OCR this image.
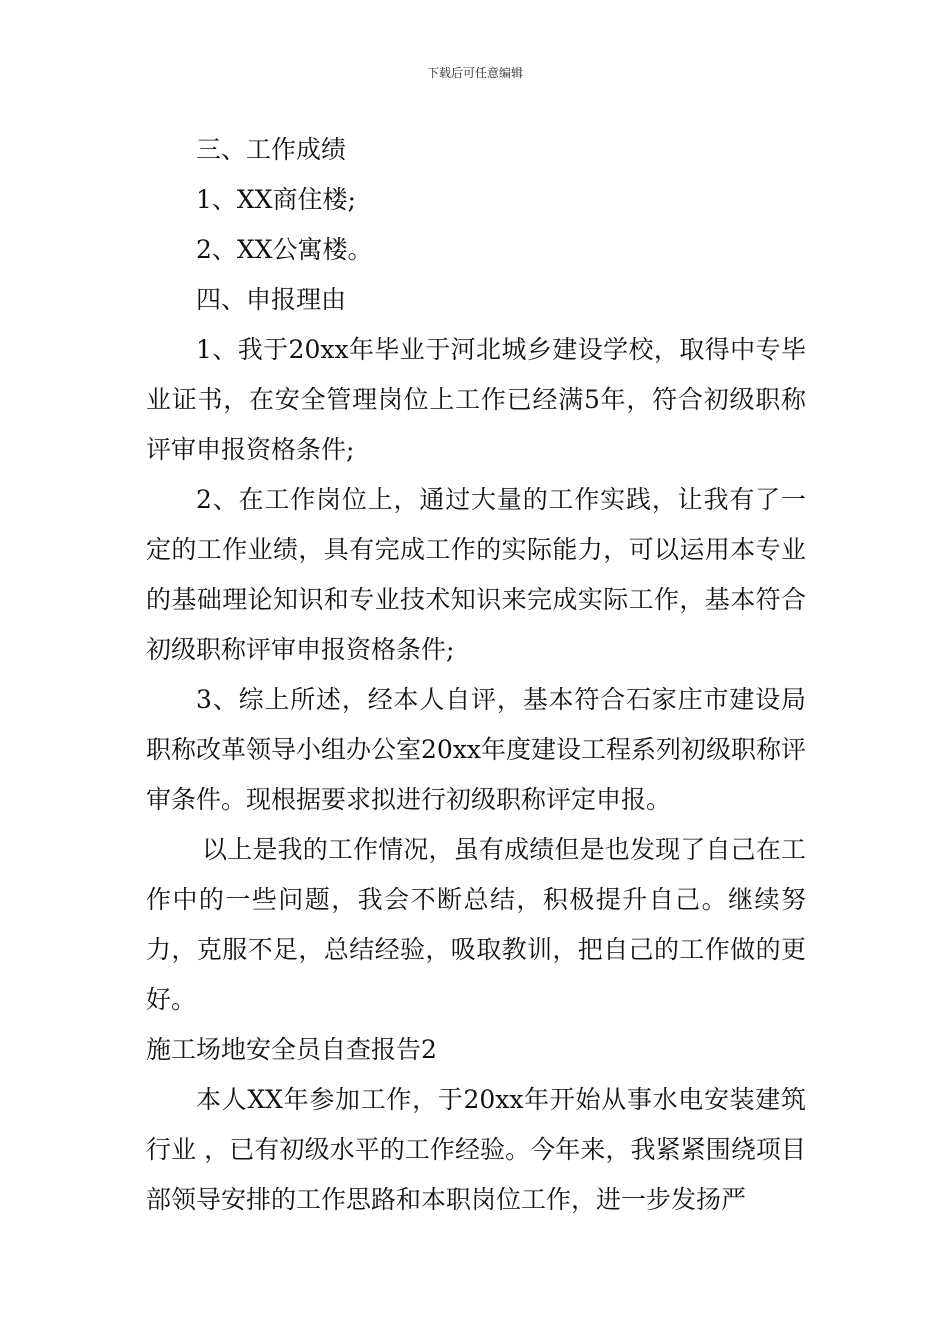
下载后可任意编辑

三、工作成绩

1、XX商住楼;

2、XX公寓楼。

四、申报理由

1、我于20xx年毕业于河北城乡建设学校，取得中专毕业证书，在安全管理岗位上工作已经满5年，符合初级职称评审申报资格条件;

2、在工作岗位上，通过大量的工作实践，让我有了一定的工作业绩，具有完成工作的实际能力，可以运用本专业的基础理论知识和专业技术知识来完成实际工作，基本符合初级职称评审申报资格条件;

3、综上所述，经本人自评，基本符合石家庄市建设局职称改革领导小组办公室20xx年度建设工程系列初级职称评审条件。现根据要求拟进行初级职称评定申报。

以上是我的工作情况，虽有成绩但是也发现了自己在工作中的一些问题，我会不断总结，积极提升自己。继续努力，克服不足，总结经验，吸取教训，把自己的工作做的更好。

施工场地安全员自查报告2

本人XX年参加工作，于20xx年开始从事水电安装建筑行业 ，已有初级水平的工作经验。今年来，我紧紧围绕项目部领导安排的工作思路和本职岗位工作，进一步发扬严
